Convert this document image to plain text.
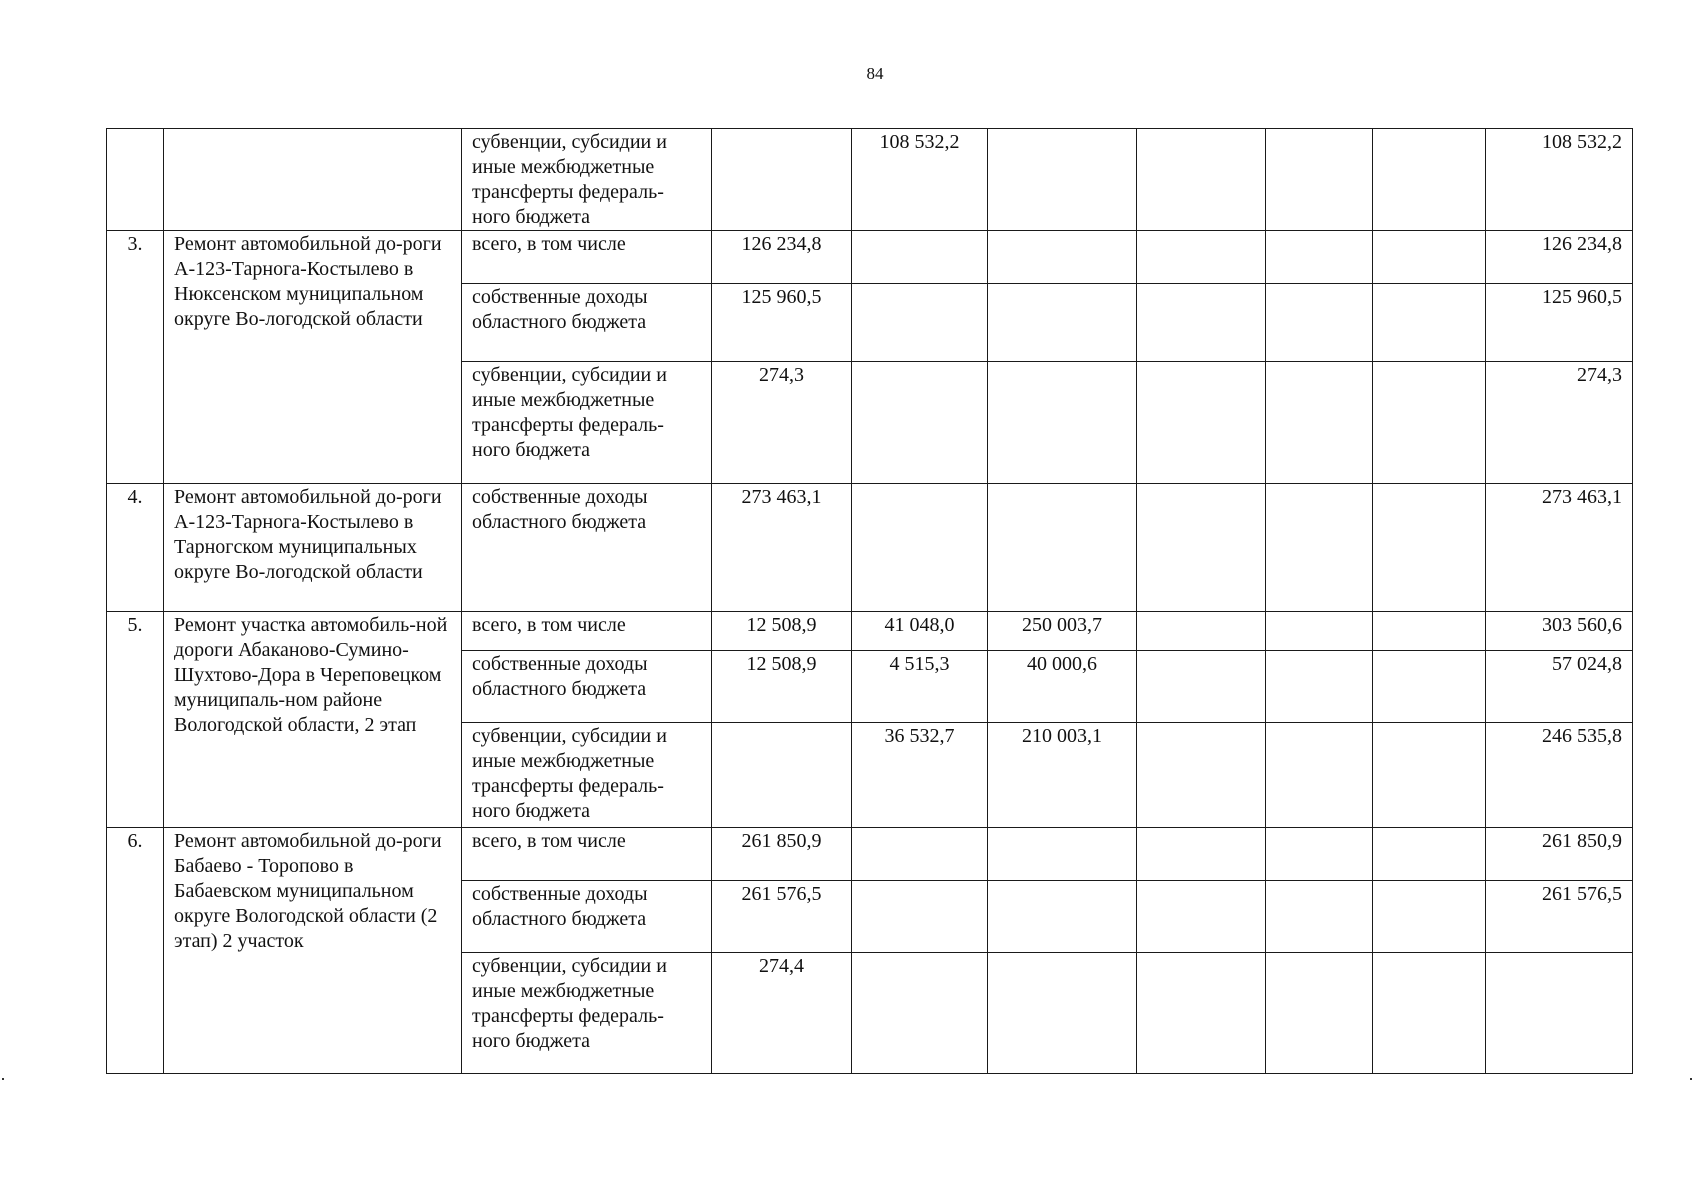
84
		субвенции, субсидии и иные межбюджетные трансферты федераль-ного бюджета		108 532,2					108 532,2
3.	Ремонт автомобильной до-роги А-123-Тарнога-Костылево в Нюксенском муниципальном округе Во-логодской области	всего, в том числе	126 234,8						126 234,8
		собственные доходы областного бюджета	125 960,5						125 960,5
		субвенции, субсидии и иные межбюджетные трансферты федераль-ного бюджета	274,3						274,3
4.	Ремонт автомобильной до-роги А-123-Тарнога-Костылево в Тарногском муниципальных округе Во-логодской области	собственные доходы областного бюджета	273 463,1						273 463,1
5.	Ремонт участка автомобиль-ной дороги Абаканово-Сумино-Шухтово-Дора в Череповецком муниципаль-ном районе Вологодской области, 2 этап	всего, в том числе	12 508,9	41 048,0	250 003,7				303 560,6
		собственные доходы областного бюджета	12 508,9	4 515,3	40 000,6				57 024,8
		субвенции, субсидии и иные межбюджетные трансферты федераль-ного бюджета		36 532,7	210 003,1				246 535,8
6.	Ремонт автомобильной до-роги Бабаево - Торопово в Бабаевском муниципальном округе Вологодской области (2 этап) 2 участок	всего, в том числе	261 850,9						261 850,9
		собственные доходы областного бюджета	261 576,5						261 576,5
		субвенции, субсидии и иные межбюджетные трансферты федераль-ного бюджета	274,4						
